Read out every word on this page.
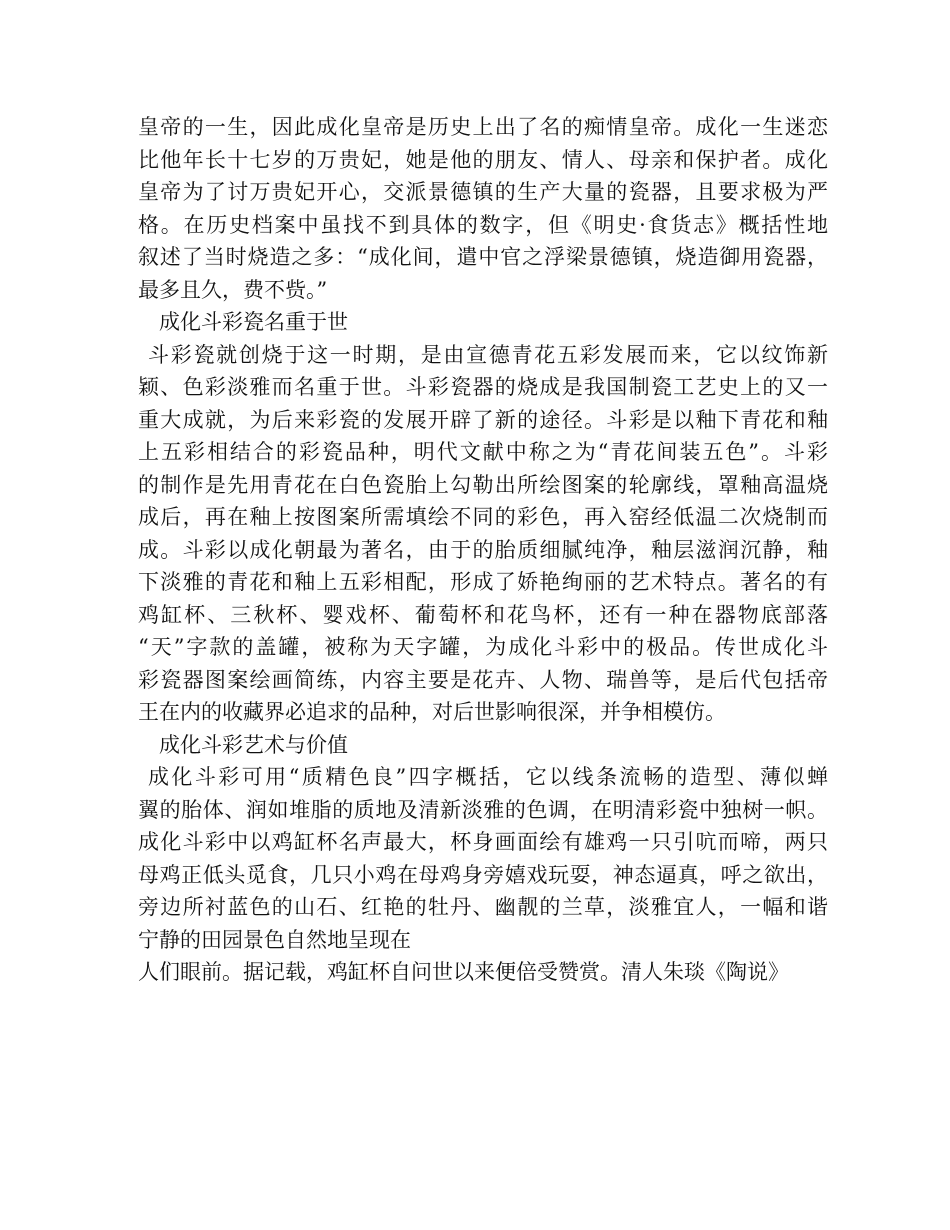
皇帝的一生，因此成化皇帝是历史上出了名的痴情皇帝。成化一生迷恋
比他年长十七岁的万贵妃，她是他的朋友、情人、母亲和保护者。成化
皇帝为了讨万贵妃开心，交派景德镇的生产大量的瓷器，且要求极为严
格。在历史档案中虽找不到具体的数字，但《明史·食货志》概括性地
叙述了当时烧造之多：“成化间，遣中官之浮梁景德镇，烧造御用瓷器，
最多且久，费不赀。”
成化斗彩瓷名重于世
斗彩瓷就创烧于这一时期，是由宣德青花五彩发展而来，它以纹饰新
颖、色彩淡雅而名重于世。斗彩瓷器的烧成是我国制瓷工艺史上的又一
重大成就，为后来彩瓷的发展开辟了新的途径。斗彩是以釉下青花和釉
上五彩相结合的彩瓷品种，明代文献中称之为“青花间装五色”。斗彩
的制作是先用青花在白色瓷胎上勾勒出所绘图案的轮廓线，罩釉高温烧
成后，再在釉上按图案所需填绘不同的彩色，再入窑经低温二次烧制而
成。斗彩以成化朝最为著名，由于的胎质细腻纯净，釉层滋润沉静，釉
下淡雅的青花和釉上五彩相配，形成了娇艳绚丽的艺术特点。著名的有
鸡缸杯、三秋杯、婴戏杯、葡萄杯和花鸟杯，还有一种在器物底部落
“天”字款的盖罐，被称为天字罐，为成化斗彩中的极品。传世成化斗
彩瓷器图案绘画简练，内容主要是花卉、人物、瑞兽等，是后代包括帝
王在内的收藏界必追求的品种，对后世影响很深，并争相模仿。
成化斗彩艺术与价值
成化斗彩可用“质精色良”四字概括，它以线条流畅的造型、薄似蝉
翼的胎体、润如堆脂的质地及清新淡雅的色调，在明清彩瓷中独树一帜。
成化斗彩中以鸡缸杯名声最大，杯身画面绘有雄鸡一只引吭而啼，两只
母鸡正低头觅食，几只小鸡在母鸡身旁嬉戏玩耍，神态逼真，呼之欲出，
旁边所衬蓝色的山石、红艳的牡丹、幽靓的兰草，淡雅宜人，一幅和谐
宁静的田园景色自然地呈现在
人们眼前。据记载，鸡缸杯自问世以来便倍受赞赏。清人朱琰《陶说》
